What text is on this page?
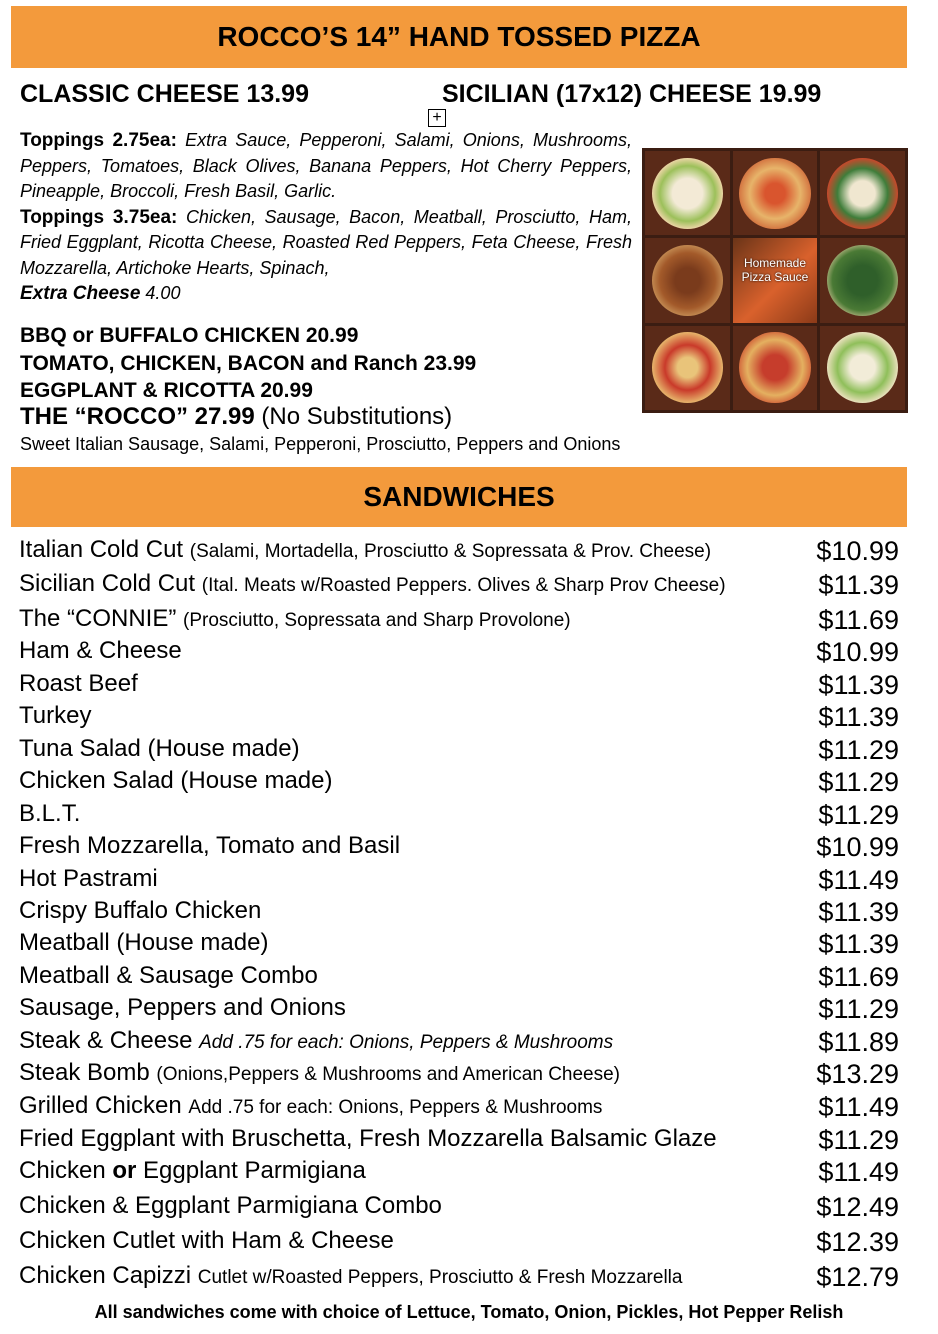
ROCCO’S 14” HAND TOSSED PIZZA
CLASSIC CHEESE 13.99	SICILIAN (17x12) CHEESE 19.99
+
Toppings 2.75ea: Extra Sauce, Pepperoni, Salami, Onions, Mushrooms, Peppers, Tomatoes, Black Olives, Banana Peppers, Hot Cherry Peppers, Pineapple, Broccoli, Fresh Basil, Garlic.
Toppings 3.75ea: Chicken, Sausage, Bacon, Meatball, Prosciutto, Ham, Fried Eggplant, Ricotta Cheese, Roasted Red Peppers, Feta Cheese, Fresh Mozzarella, Artichoke Hearts, Spinach,
Extra Cheese 4.00
Homemade Pizza Sauce
BBQ or BUFFALO CHICKEN 20.99
TOMATO, CHICKEN, BACON and Ranch 23.99
EGGPLANT & RICOTTA 20.99
THE “ROCCO” 27.99 (No Substitutions)
Sweet Italian Sausage, Salami, Pepperoni, Prosciutto, Peppers and Onions
SANDWICHES
Italian Cold Cut (Salami, Mortadella, Prosciutto & Sopressata & Prov. Cheese)	$10.99
Sicilian Cold Cut (Ital. Meats w/Roasted Peppers. Olives & Sharp Prov Cheese)	$11.39
The “CONNIE” (Prosciutto, Sopressata and Sharp Provolone)	$11.69
Ham & Cheese	$10.99
Roast Beef	$11.39
Turkey	$11.39
Tuna Salad (House made)	$11.29
Chicken Salad (House made)	$11.29
B.L.T.	$11.29
Fresh Mozzarella, Tomato and Basil	$10.99
Hot Pastrami	$11.49
Crispy Buffalo Chicken	$11.39
Meatball (House made)	$11.39
Meatball & Sausage Combo	$11.69
Sausage, Peppers and Onions	$11.29
Steak & Cheese Add .75 for each: Onions, Peppers & Mushrooms	$11.89
Steak Bomb (Onions,Peppers & Mushrooms and American Cheese)	$13.29
Grilled Chicken Add .75 for each: Onions, Peppers & Mushrooms	$11.49
Fried Eggplant with Bruschetta, Fresh Mozzarella Balsamic Glaze	$11.29
Chicken or Eggplant Parmigiana	$11.49
Chicken & Eggplant Parmigiana Combo	$12.49
Chicken Cutlet with Ham & Cheese	$12.39
Chicken Capizzi Cutlet w/Roasted Peppers, Prosciutto & Fresh Mozzarella	$12.79
All sandwiches come with choice of Lettuce, Tomato, Onion, Pickles, Hot Pepper Relish
